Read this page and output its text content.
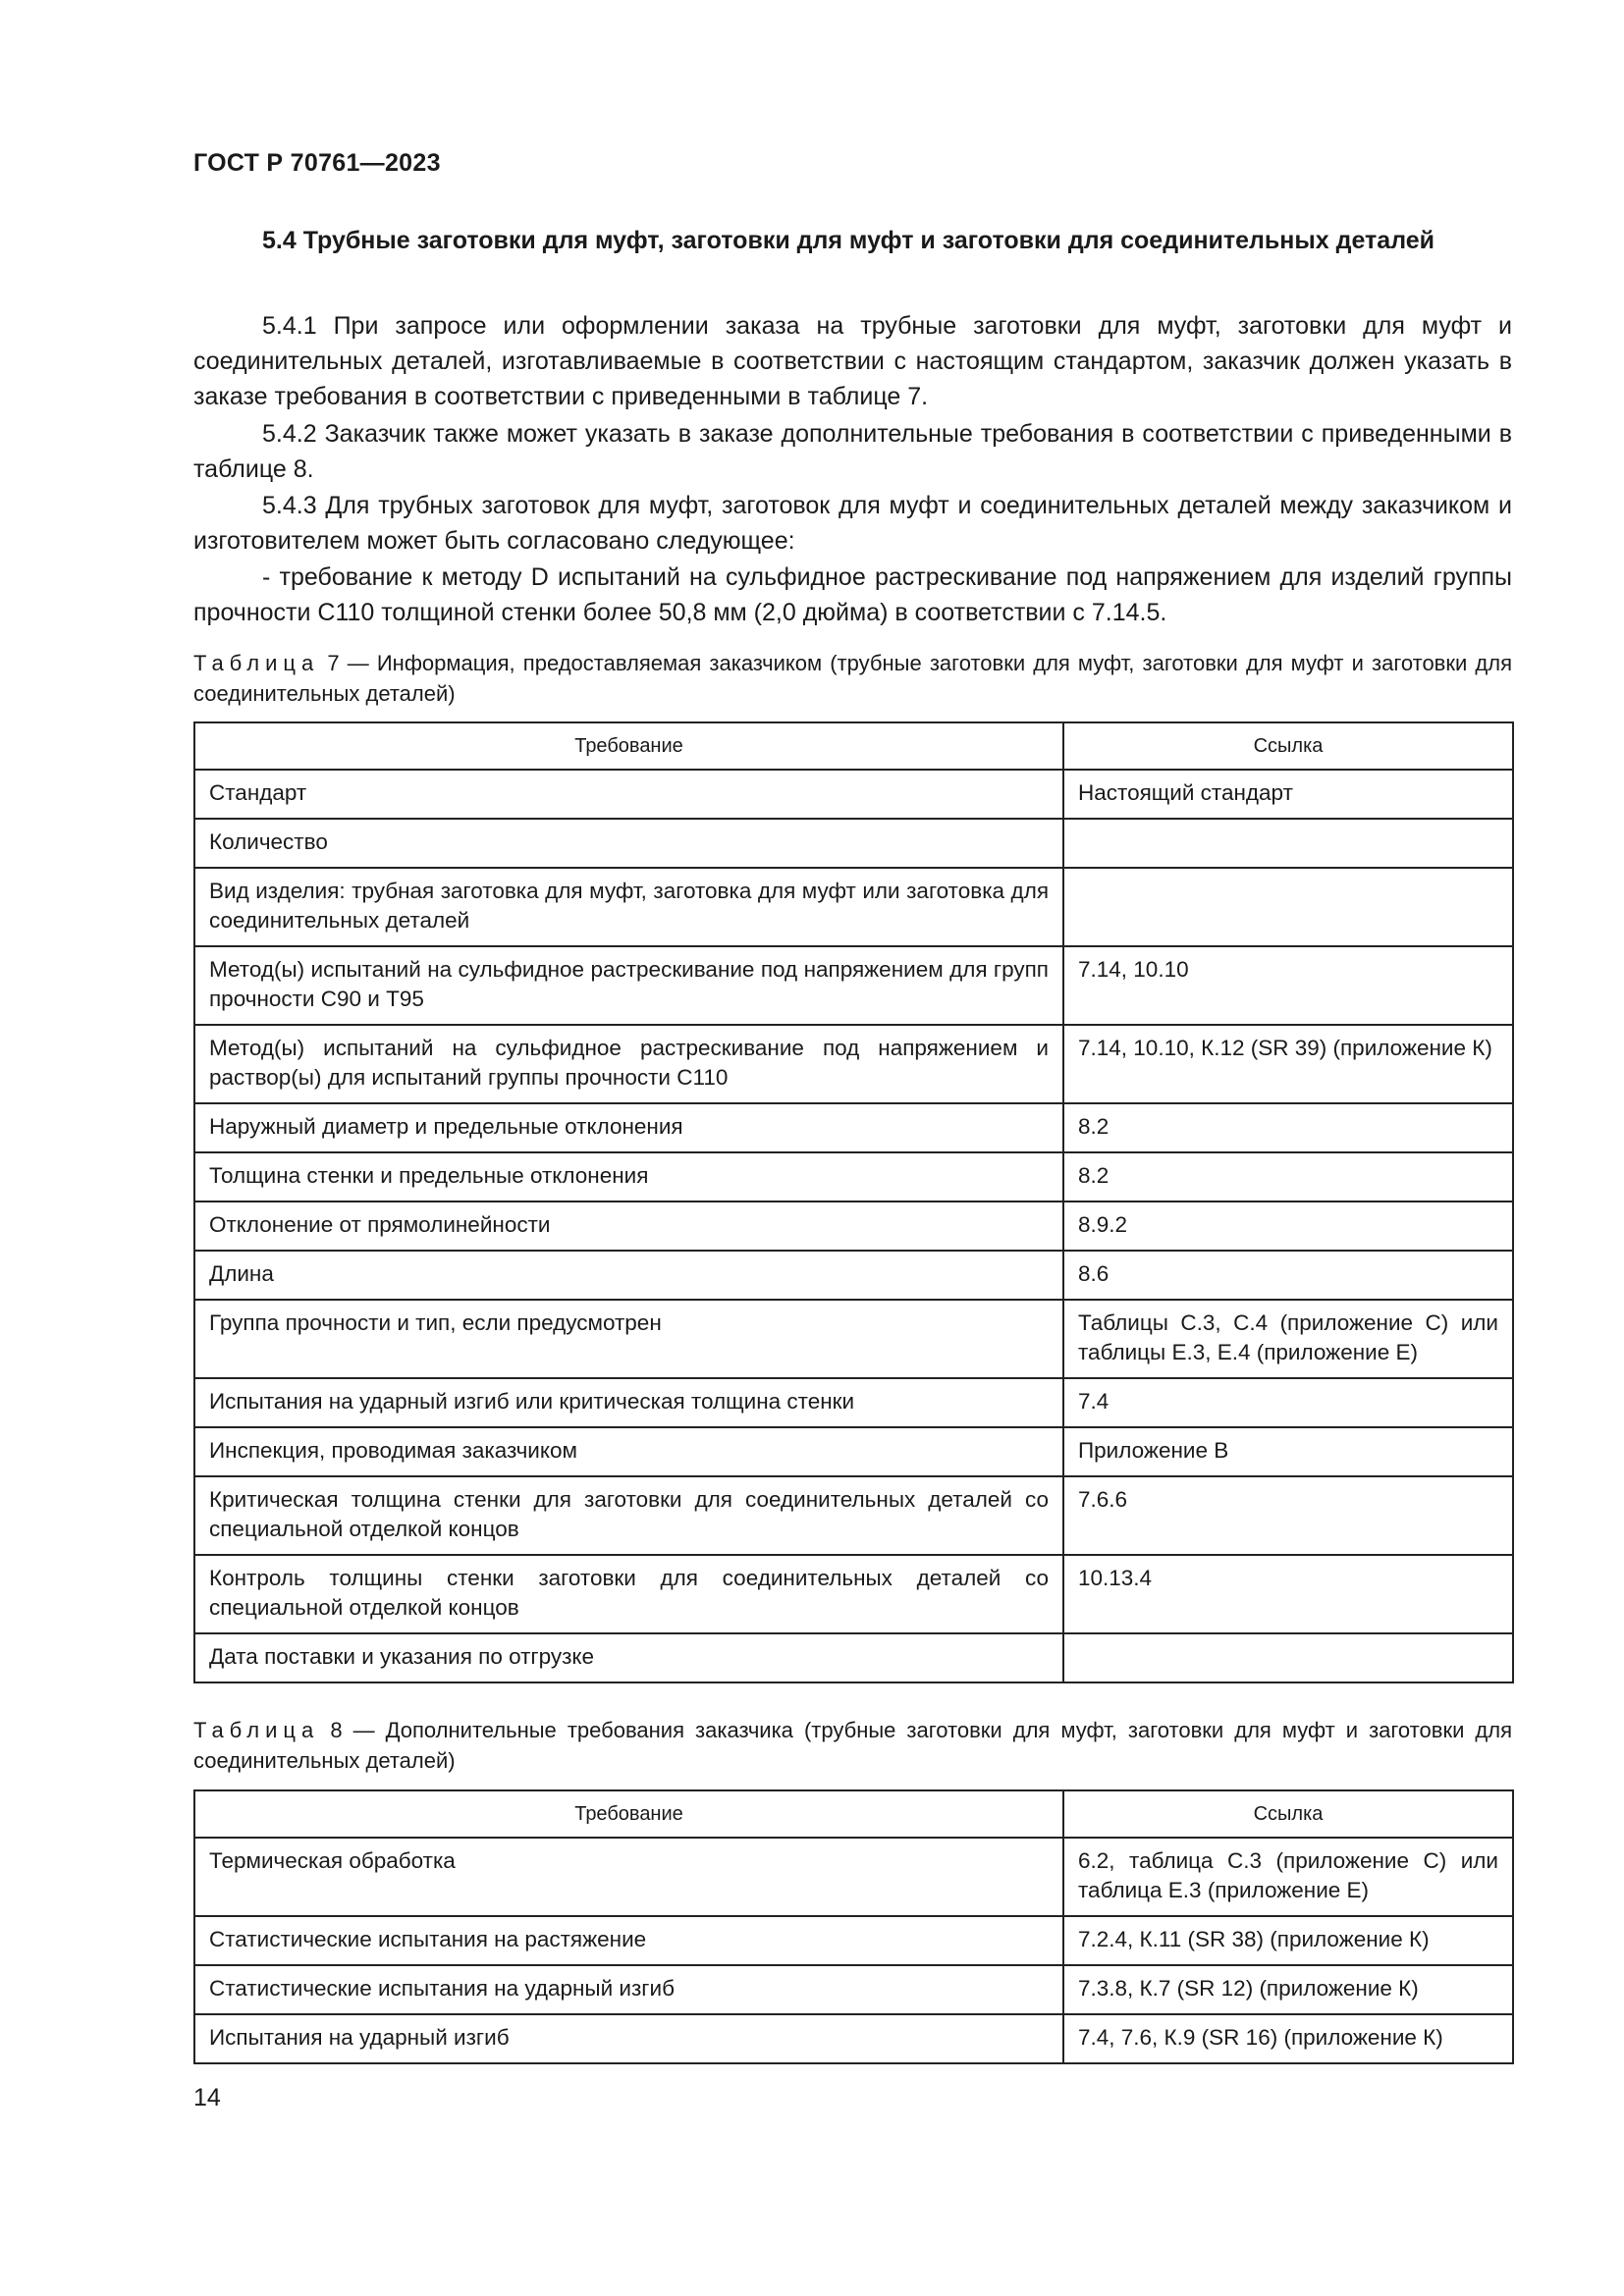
ГОСТ Р 70761—2023
5.4 Трубные заготовки для муфт, заготовки для муфт и заготовки для соединительных деталей
5.4.1 При запросе или оформлении заказа на трубные заготовки для муфт, заготовки для муфт и соединительных деталей, изготавливаемые в соответствии с настоящим стандартом, заказчик должен указать в заказе требования в соответствии с приведенными в таблице 7.
5.4.2 Заказчик также может указать в заказе дополнительные требования в соответствии с приведенными в таблице 8.
5.4.3 Для трубных заготовок для муфт, заготовок для муфт и соединительных деталей между заказчиком и изготовителем может быть согласовано следующее:
- требование к методу D испытаний на сульфидное растрескивание под напряжением для изделий группы прочности С110 толщиной стенки более 50,8 мм (2,0 дюйма) в соответствии с 7.14.5.
Таблица 7 — Информация, предоставляемая заказчиком (трубные заготовки для муфт, заготовки для муфт и заготовки для соединительных деталей)
Требование	Ссылка
Стандарт	Настоящий стандарт
Количество	
Вид изделия: трубная заготовка для муфт, заготовка для муфт или заготовка для соединительных деталей	
Метод(ы) испытаний на сульфидное растрескивание под напряжением для групп прочности С90 и Т95	7.14, 10.10
Метод(ы) испытаний на сульфидное растрескивание под напряжением и раствор(ы) для испытаний группы прочности С110	7.14, 10.10, К.12 (SR 39) (приложение К)
Наружный диаметр и предельные отклонения	8.2
Толщина стенки и предельные отклонения	8.2
Отклонение от прямолинейности	8.9.2
Длина	8.6
Группа прочности и тип, если предусмотрен	Таблицы С.3, С.4 (приложение С) или таблицы Е.3, Е.4 (приложение Е)
Испытания на ударный изгиб или критическая толщина стенки	7.4
Инспекция, проводимая заказчиком	Приложение В
Критическая толщина стенки для заготовки для соединительных деталей со специальной отделкой концов	7.6.6
Контроль толщины стенки заготовки для соединительных деталей со специальной отделкой концов	10.13.4
Дата поставки и указания по отгрузке	
Таблица 8 — Дополнительные требования заказчика (трубные заготовки для муфт, заготовки для муфт и заготовки для соединительных деталей)
Требование	Ссылка
Термическая обработка	6.2, таблица С.3 (приложение С) или таблица Е.3 (приложение Е)
Статистические испытания на растяжение	7.2.4, К.11 (SR 38) (приложение К)
Статистические испытания на ударный изгиб	7.3.8, К.7 (SR 12) (приложение К)
Испытания на ударный изгиб	7.4, 7.6, К.9 (SR 16) (приложение К)
14
